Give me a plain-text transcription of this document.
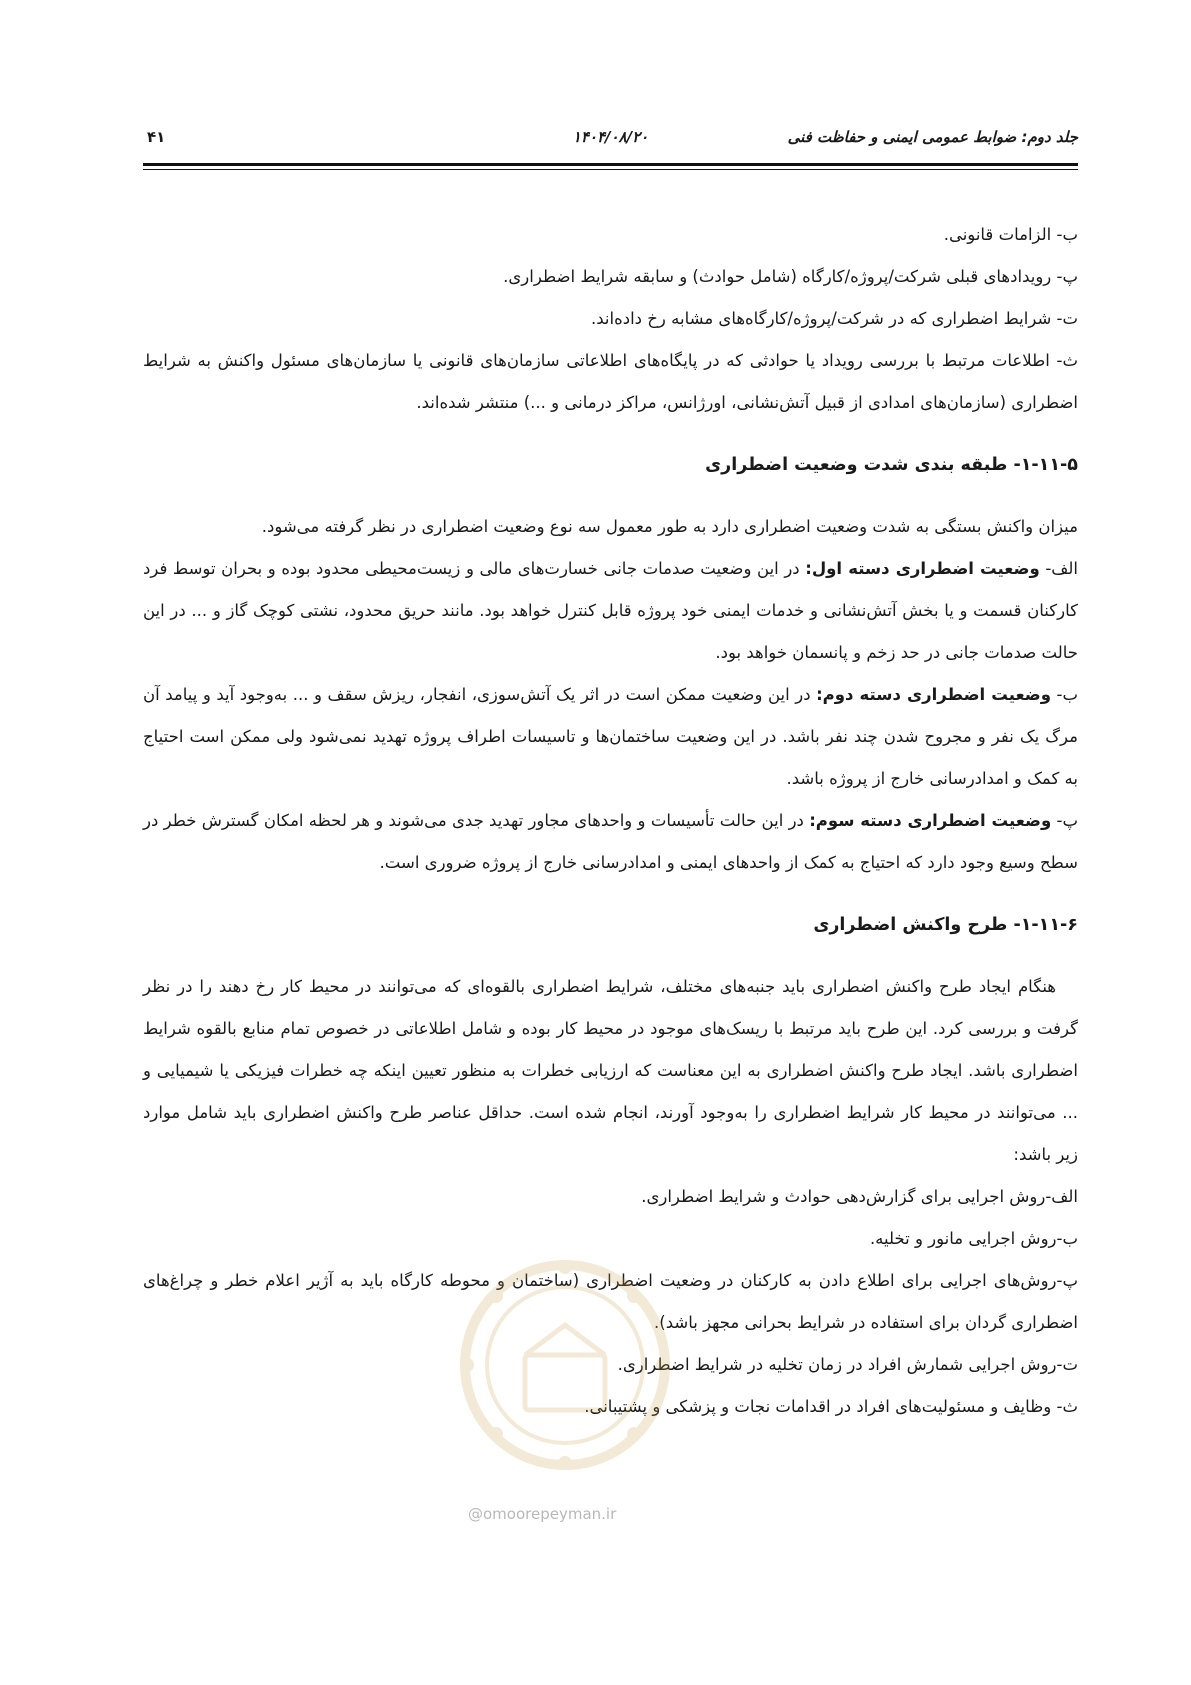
جلد دوم: ضوابط عمومی ایمنی و حفاظت فنی
۱۴۰۴/۰۸/۲۰
۴۱

ب- الزامات قانونی.

پ- رویدادهای قبلی شرکت/پروژه/کارگاه (شامل حوادث) و سابقه شرایط اضطراری.

ت- شرایط اضطراری که در شرکت/پروژه/کارگاه‌های مشابه رخ داده‌اند.

ث- اطلاعات مرتبط با بررسی رویداد یا حوادثی که در پایگاه‌های اطلاعاتی سازمان‌های قانونی یا سازمان‌های مسئول واکنش به شرایط اضطراری (سازمان‌های امدادی از قبیل آتش‌نشانی، اورژانس، مراکز درمانی و ...) منتشر شده‌اند.

۱-۱۱-۵- طبقه بندی شدت وضعیت اضطراری

میزان واکنش بستگی به شدت وضعیت اضطراری دارد به طور معمول سه نوع وضعیت اضطراری در نظر گرفته می‌شود.

الف- وضعیت اضطراری دسته اول: در این وضعیت صدمات جانی خسارت‌های مالی و زیست‌محیطی محدود بوده و بحران توسط فرد کارکنان قسمت و یا بخش آتش‌نشانی و خدمات ایمنی خود پروژه قابل کنترل خواهد بود. مانند حریق محدود، نشتی کوچک گاز و ... در این حالت صدمات جانی در حد زخم و پانسمان خواهد بود.

ب- وضعیت اضطراری دسته دوم: در این وضعیت ممکن است در اثر یک آتش‌سوزی، انفجار، ریزش سقف و ... به‌وجود آید و پیامد آن مرگ یک نفر و مجروح شدن چند نفر باشد. در این وضعیت ساختمان‌ها و تاسیسات اطراف پروژه تهدید نمی‌شود ولی ممکن است احتیاج به کمک و امدادرسانی خارج از پروژه باشد.

پ- وضعیت اضطراری دسته سوم: در این حالت تأسیسات و واحدهای مجاور تهدید جدی می‌شوند و هر لحظه امکان گسترش خطر در سطح وسیع وجود دارد که احتیاج به کمک از واحدهای ایمنی و امدادرسانی خارج از پروژه ضروری است.

۱-۱۱-۶- طرح واکنش اضطراری

هنگام ایجاد طرح واکنش اضطراری باید جنبه‌های مختلف، شرایط اضطراری بالقوه‌ای که می‌توانند در محیط کار رخ دهند را در نظر گرفت و بررسی کرد. این طرح باید مرتبط با ریسک‌های موجود در محیط کار بوده و شامل اطلاعاتی در خصوص تمام منابع بالقوه شرایط اضطراری باشد. ایجاد طرح واکنش اضطراری به این معناست که ارزیابی خطرات به منظور تعیین اینکه چه خطرات فیزیکی یا شیمیایی و ... می‌توانند در محیط کار شرایط اضطراری را به‌وجود آورند، انجام شده است. حداقل عناصر طرح واکنش اضطراری باید شامل موارد زیر باشد:

الف-روش اجرایی برای گزارش‌دهی حوادث و شرایط اضطراری.

ب-روش اجرایی مانور و تخلیه.

پ-روش‌های اجرایی برای اطلاع دادن به کارکنان در وضعیت اضطراری (ساختمان و محوطه کارگاه باید به آژیر اعلام خطر و چراغ‌های اضطراری گردان برای استفاده در شرایط بحرانی مجهز باشد).

ت-روش اجرایی شمارش افراد در زمان تخلیه در شرایط اضطراری.

ث- وظایف و مسئولیت‌های افراد در اقدامات نجات و پزشکی و پشتیبانی.

@omoorepeyman.ir
